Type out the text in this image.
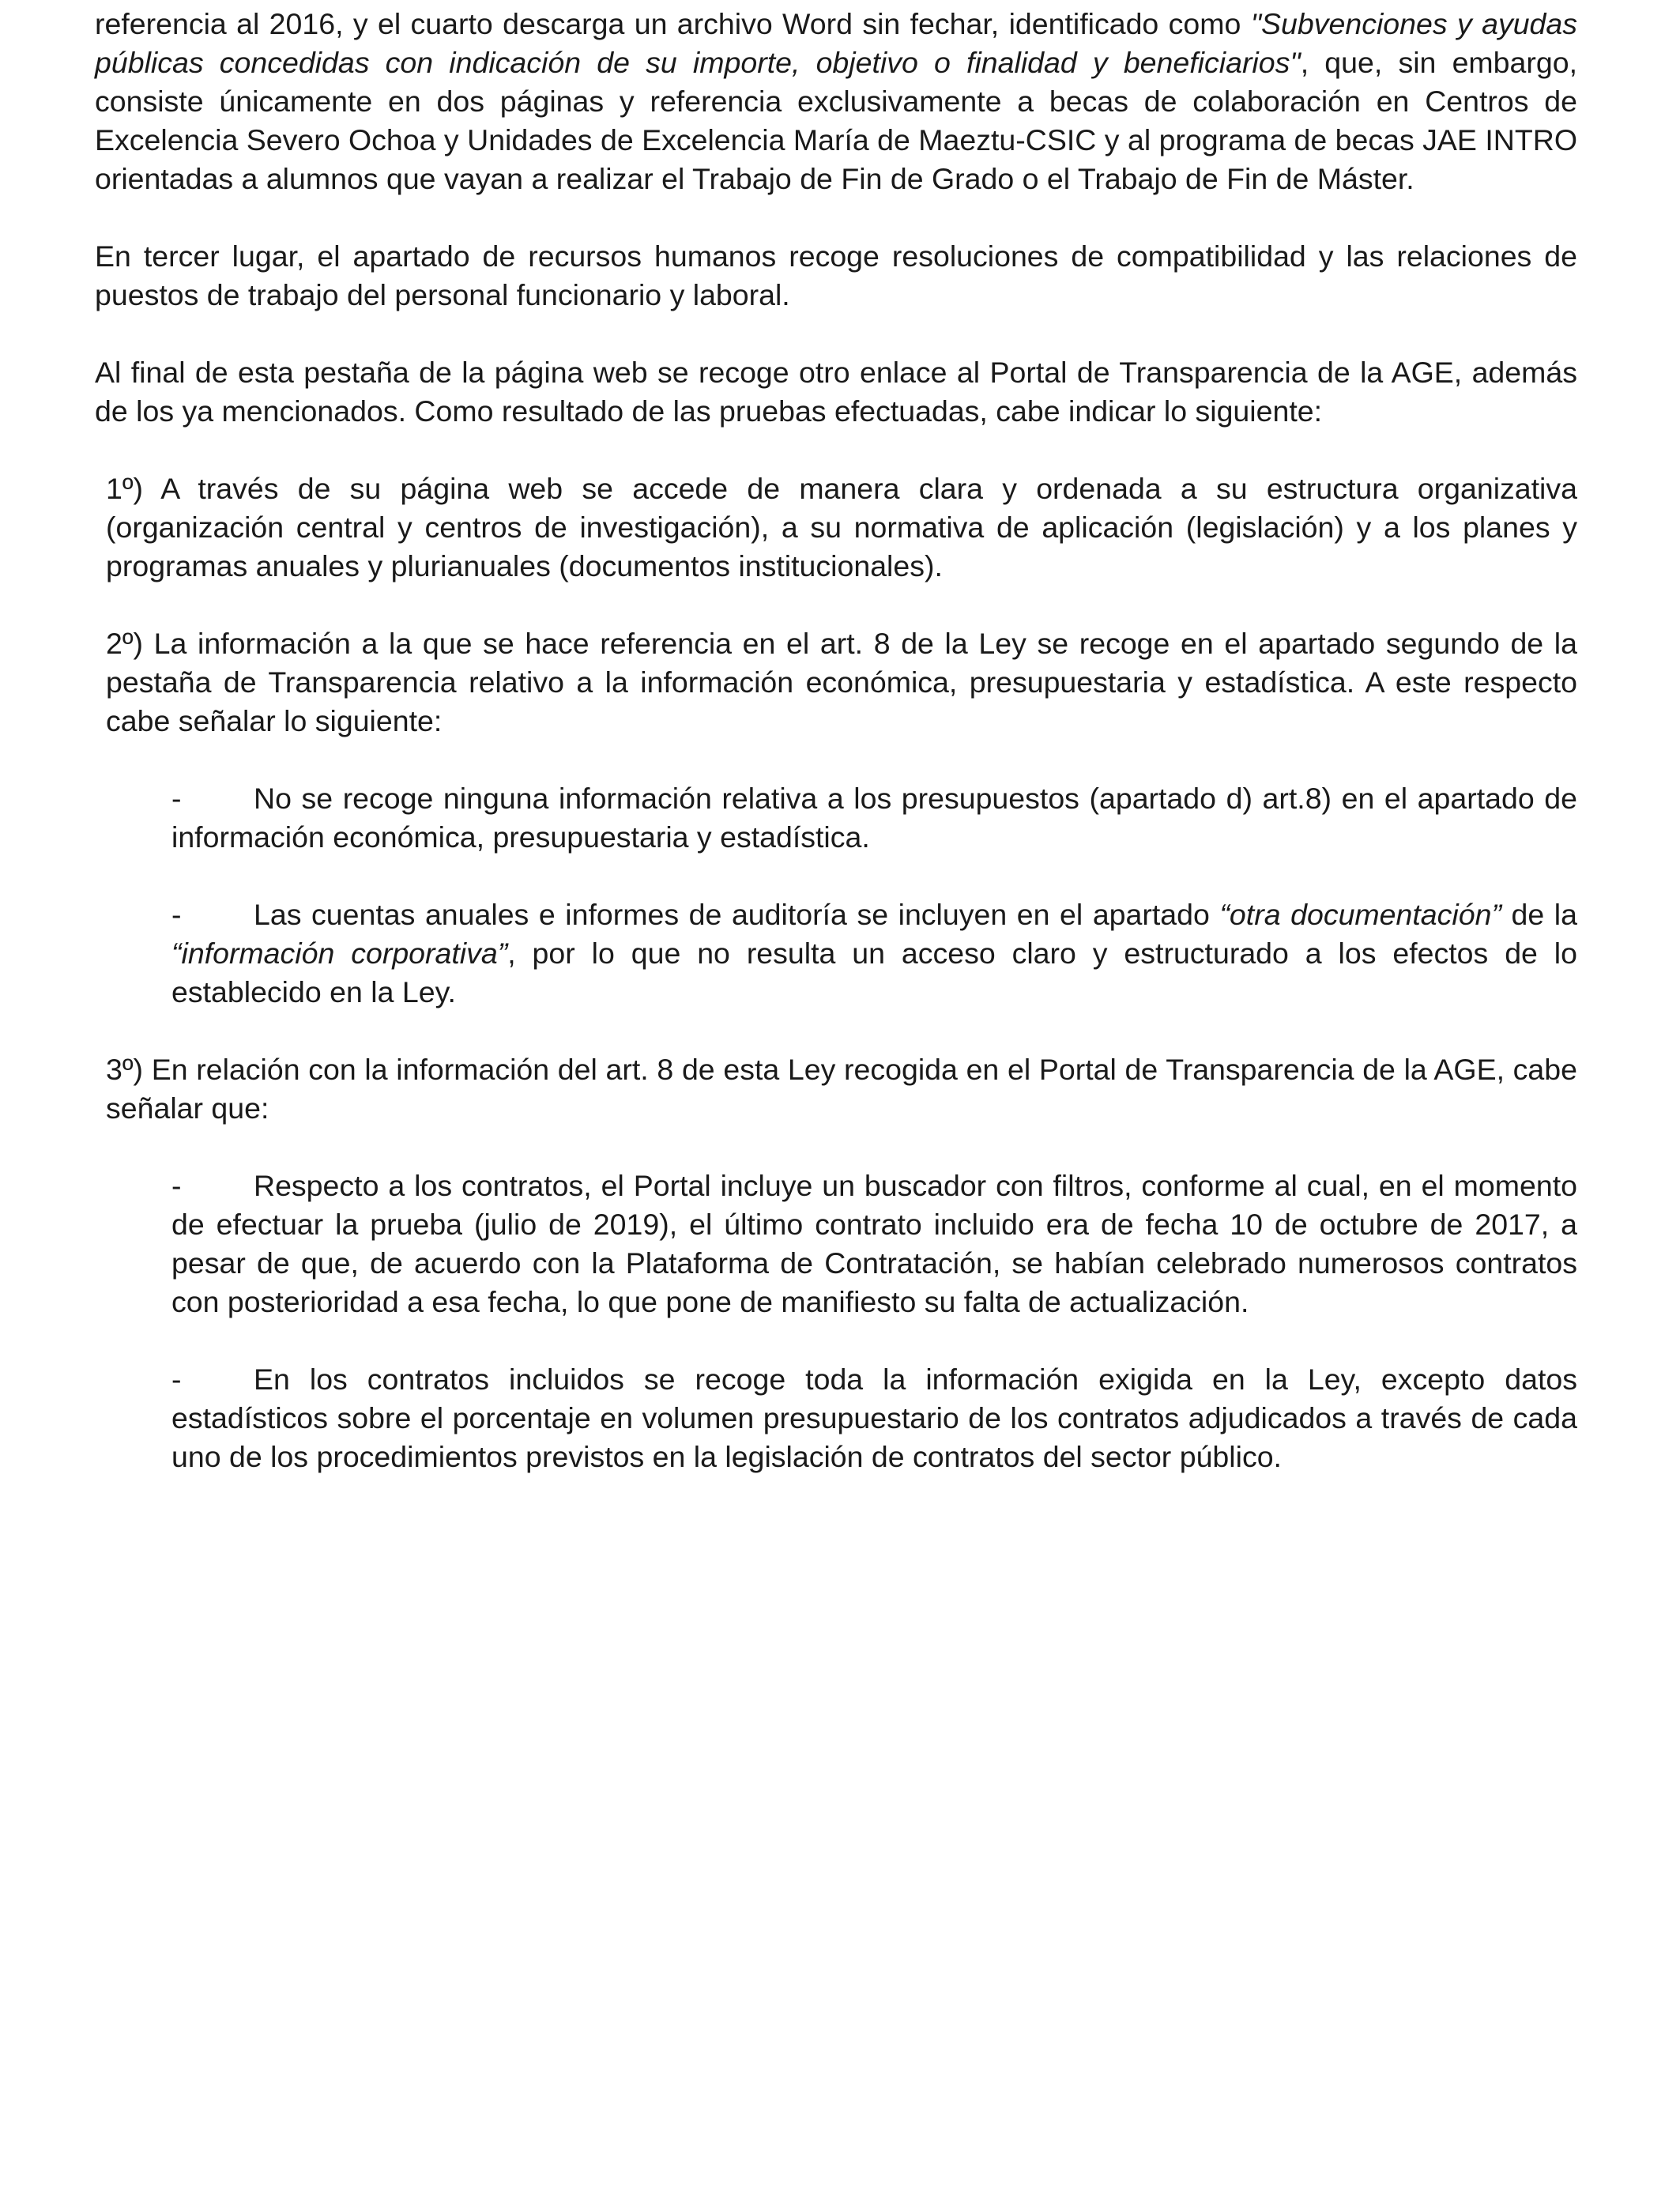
referencia al 2016, y el cuarto descarga un archivo Word sin fechar, identificado como "Subvenciones y ayudas públicas concedidas con indicación de su importe, objetivo o finalidad y beneficiarios", que, sin embargo, consiste únicamente en dos páginas y referencia exclusivamente a becas de colaboración en Centros de Excelencia Severo Ochoa y Unidades de Excelencia María de Maeztu-CSIC y al programa de becas JAE INTRO orientadas a alumnos que vayan a realizar el Trabajo de Fin de Grado o el Trabajo de Fin de Máster.

En tercer lugar, el apartado de recursos humanos recoge resoluciones de compatibilidad y las relaciones de puestos de trabajo del personal funcionario y laboral.

Al final de esta pestaña de la página web se recoge otro enlace al Portal de Transparencia de la AGE, además de los ya mencionados. Como resultado de las pruebas efectuadas, cabe indicar lo siguiente:

1º) A través de su página web se accede de manera clara y ordenada a su estructura organizativa (organización central y centros de investigación), a su normativa de aplicación (legislación) y a los planes y programas anuales y plurianuales (documentos institucionales).

2º) La información a la que se hace referencia en el art. 8 de la Ley se recoge en el apartado segundo de la pestaña de Transparencia relativo a la información económica, presupuestaria y estadística. A este respecto cabe señalar lo siguiente:

- No se recoge ninguna información relativa a los presupuestos (apartado d) art.8) en el apartado de información económica, presupuestaria y estadística.

- Las cuentas anuales e informes de auditoría se incluyen en el apartado “otra documentación” de la “información corporativa”, por lo que no resulta un acceso claro y estructurado a los efectos de lo establecido en la Ley.

3º) En relación con la información del art. 8 de esta Ley recogida en el Portal de Transparencia de la AGE, cabe señalar que:

- Respecto a los contratos, el Portal incluye un buscador con filtros, conforme al cual, en el momento de efectuar la prueba (julio de 2019), el último contrato incluido era de fecha 10 de octubre de 2017, a pesar de que, de acuerdo con la Plataforma de Contratación, se habían celebrado numerosos contratos con posterioridad a esa fecha, lo que pone de manifiesto su falta de actualización.

- En los contratos incluidos se recoge toda la información exigida en la Ley, excepto datos estadísticos sobre el porcentaje en volumen presupuestario de los contratos adjudicados a través de cada uno de los procedimientos previstos en la legislación de contratos del sector público.
